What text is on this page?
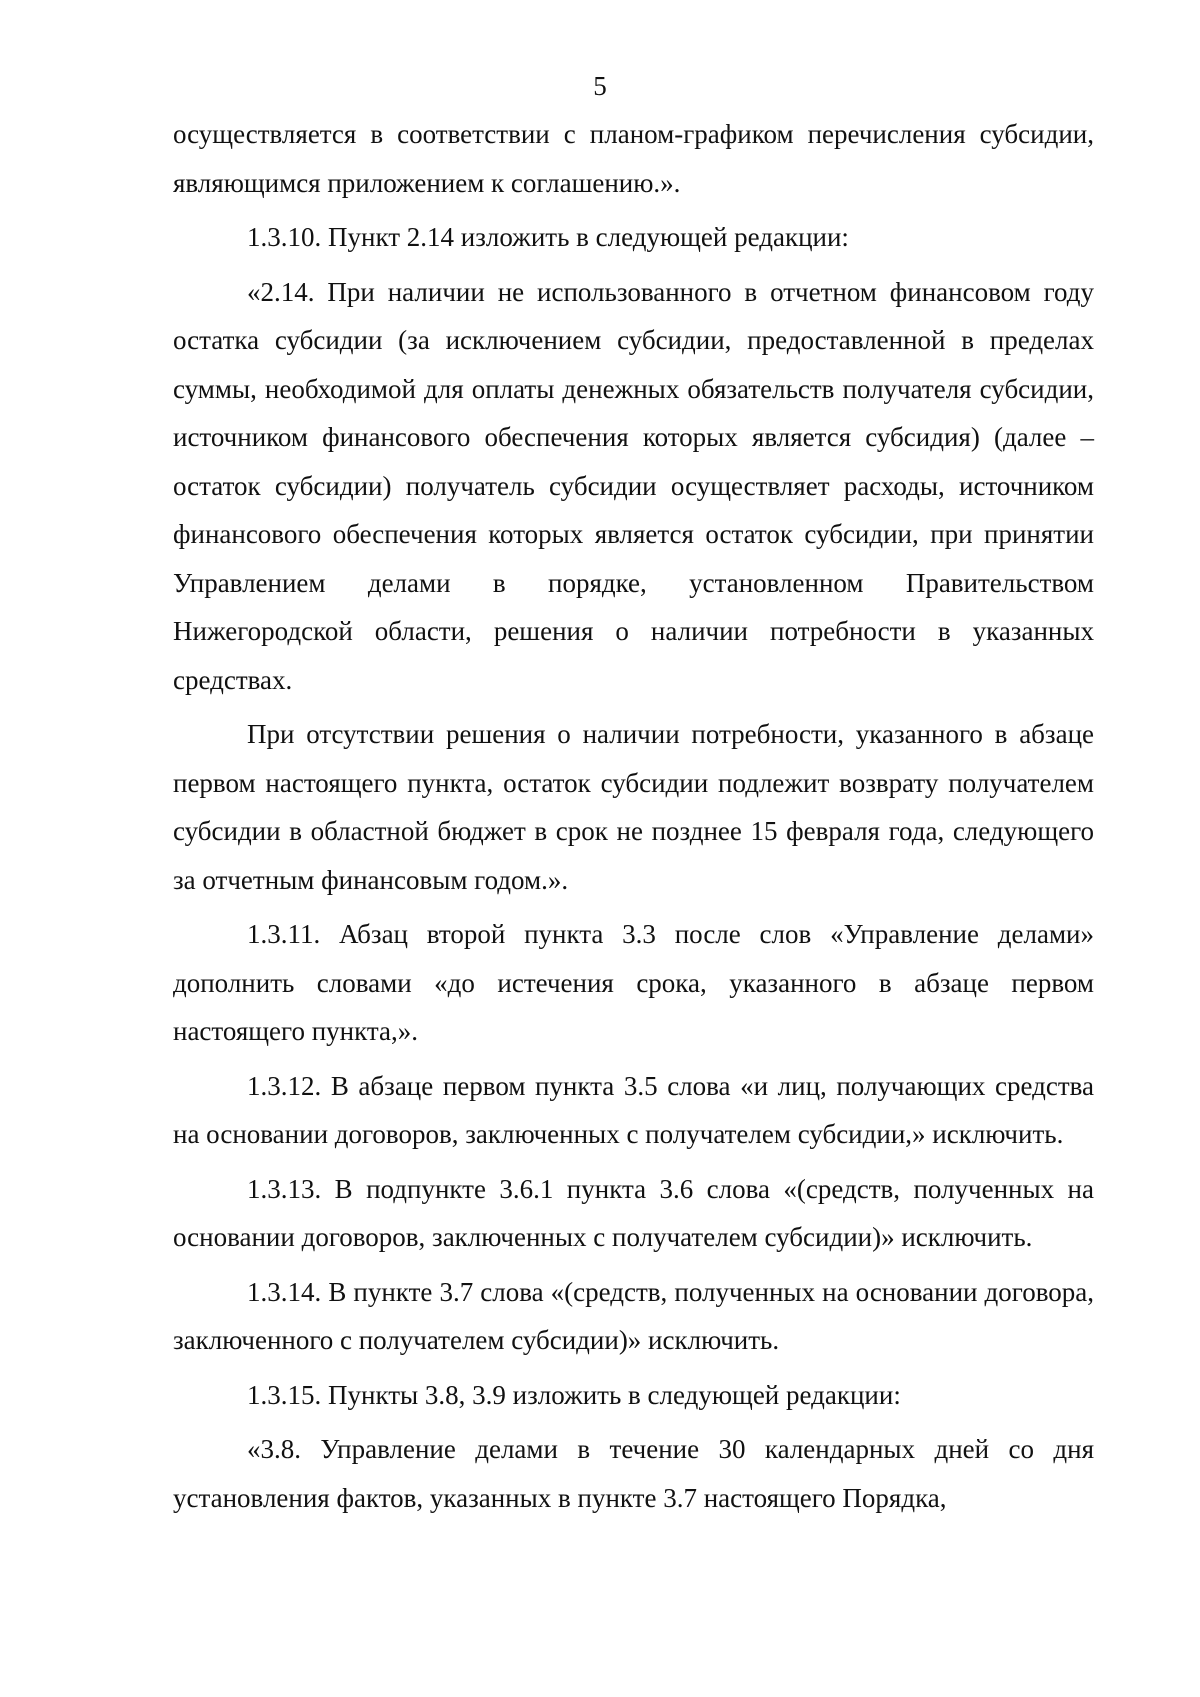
5

осуществляется в соответствии с планом-графиком перечисления субсидии, являющимся приложением к соглашению.».

1.3.10. Пункт 2.14 изложить в следующей редакции:

«2.14. При наличии не использованного в отчетном финансовом году остатка субсидии (за исключением субсидии, предоставленной в пределах суммы, необходимой для оплаты денежных обязательств получателя субсидии, источником финансового обеспечения которых является субсидия) (далее – остаток субсидии) получатель субсидии осуществляет расходы, источником финансового обеспечения которых является остаток субсидии, при принятии Управлением делами в порядке, установленном Правительством Нижегородской области, решения о наличии потребности в указанных средствах.

При отсутствии решения о наличии потребности, указанного в абзаце первом настоящего пункта, остаток субсидии подлежит возврату получателем субсидии в областной бюджет в срок не позднее 15 февраля года, следующего за отчетным финансовым годом.».

1.3.11. Абзац второй пункта 3.3 после слов «Управление делами» дополнить словами «до истечения срока, указанного в абзаце первом настоящего пункта,».

1.3.12. В абзаце первом пункта 3.5 слова «и лиц, получающих средства на основании договоров, заключенных с получателем субсидии,» исключить.

1.3.13. В подпункте 3.6.1 пункта 3.6 слова «(средств, полученных на основании договоров, заключенных с получателем субсидии)» исключить.

1.3.14. В пункте 3.7 слова «(средств, полученных на основании договора, заключенного с получателем субсидии)» исключить.

1.3.15. Пункты 3.8, 3.9 изложить в следующей редакции:

«3.8. Управление делами в течение 30 календарных дней со дня установления фактов, указанных в пункте 3.7 настоящего Порядка,
